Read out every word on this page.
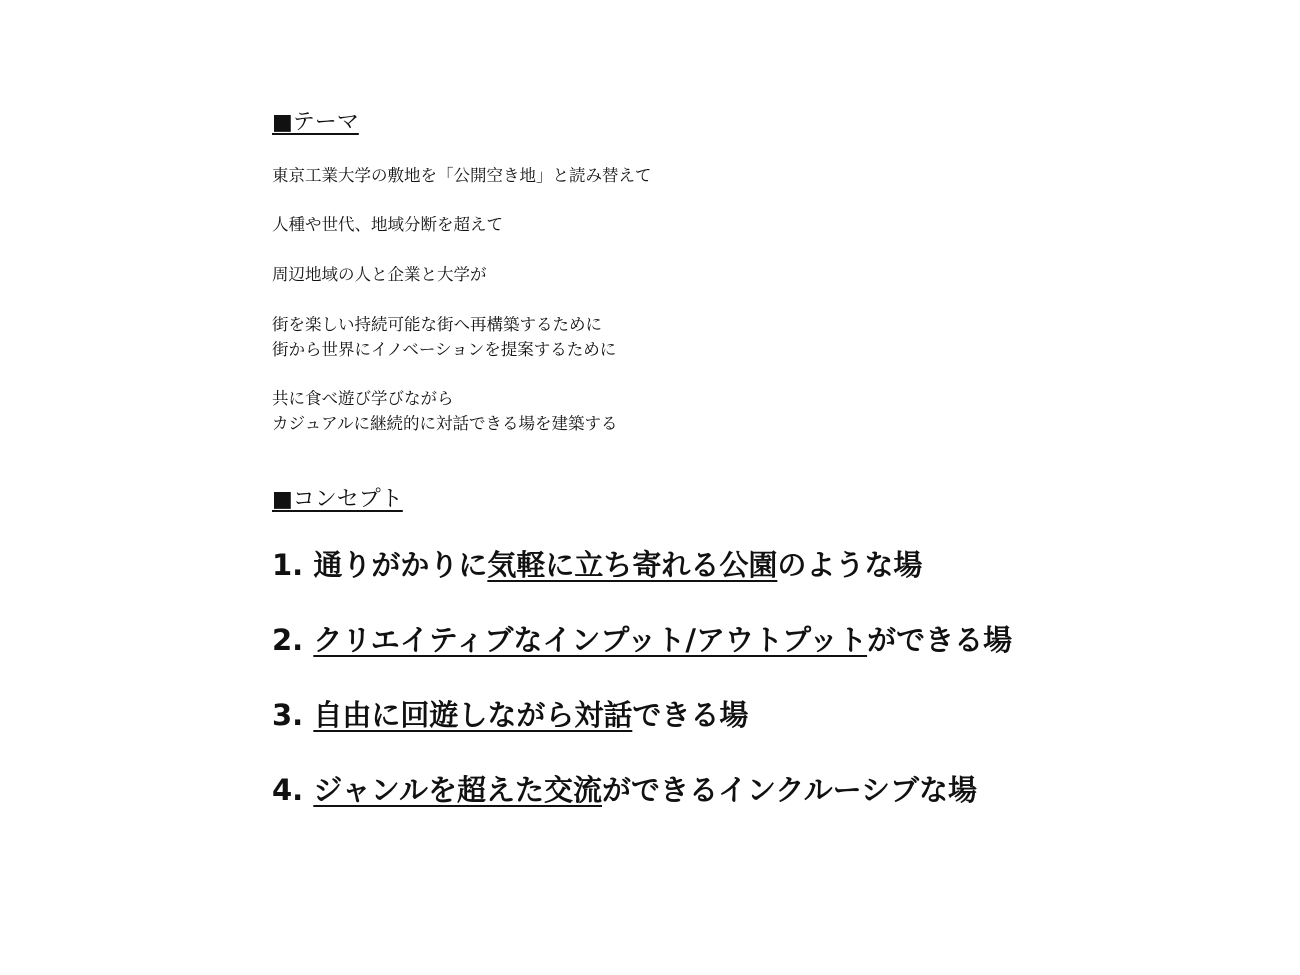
■テーマ
東京工業大学の敷地を「公開空き地」と読み替えて
人種や世代、地域分断を超えて
周辺地域の人と企業と大学が
街を楽しい持続可能な街へ再構築するために
街から世界にイノベーションを提案するために
共に食べ遊び学びながら
カジュアルに継続的に対話できる場を建築する
■コンセプト
1. 通りがかりに気軽に立ち寄れる公園のような場
2. クリエイティブなインプット/アウトプットができる場
3. 自由に回遊しながら対話できる場
4. ジャンルを超えた交流ができるインクルーシブな場
